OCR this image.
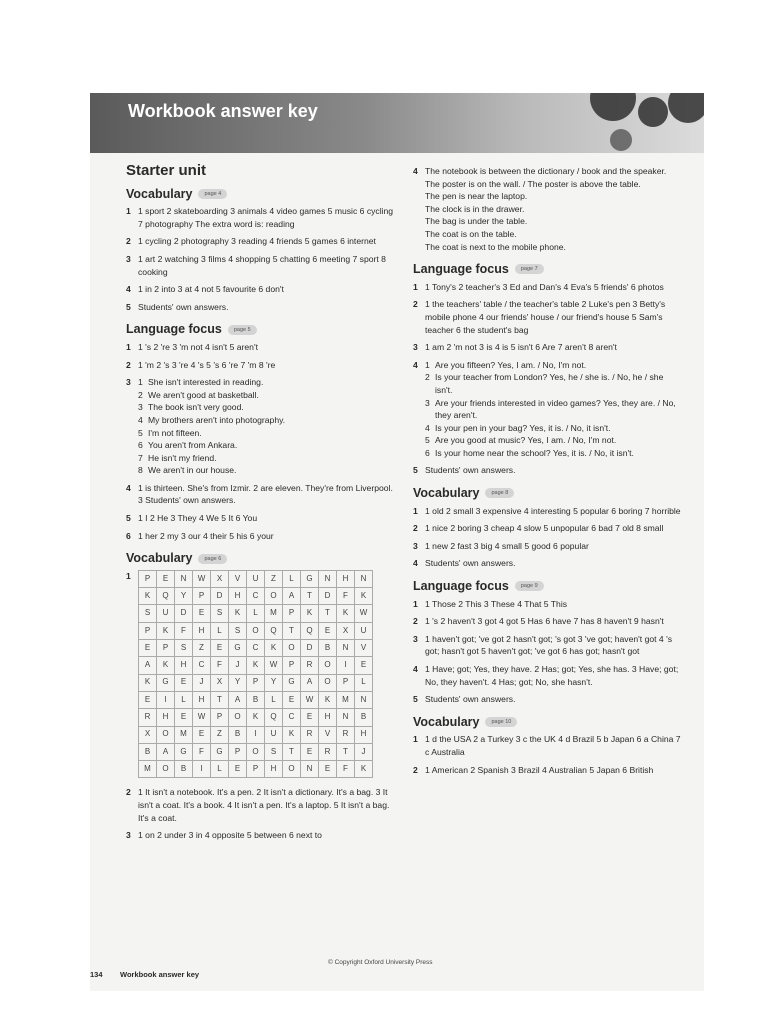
Workbook answer key
Starter unit
Vocabulary	page 4
1 1 sport 2 skateboarding 3 animals 4 video games 5 music 6 cycling 7 photography The extra word is: reading
2 1 cycling 2 photography 3 reading 4 friends 5 games 6 internet
3 1 art 2 watching 3 films 4 shopping 5 chatting 6 meeting 7 sport 8 cooking
4 1 in 2 into 3 at 4 not 5 favourite 6 don't
5 Students' own answers.
Language focus	page 5
1 1 's 2 're 3 'm not 4 isn't 5 aren't
2 1 'm 2 's 3 're 4 's 5 's 6 're 7 'm 8 're
3 1 She isn't interested in reading.
2 We aren't good at basketball.
3 The book isn't very good.
4 My brothers aren't into photography.
5 I'm not fifteen.
6 You aren't from Ankara.
7 He isn't my friend.
8 We aren't in our house.
4 1 is thirteen. She's from Izmir. 2 are eleven. They're from Liverpool. 3 Students' own answers.
5 1 I 2 He 3 They 4 We 5 It 6 You
6 1 her 2 my 3 our 4 their 5 his 6 your
Vocabulary	page 6
1	P	E	N	W	X	V	U	Z	L	G	N	H	N
K	Q	Y	P	D	H	C	O	A	T	D	F	K
S	U	D	E	S	K	L	M	P	K	T	K	W
P	K	F	H	L	S	O	Q	T	Q	E	X	U
E	P	S	Z	E	G	C	K	O	D	B	N	V
A	K	H	C	F	J	K	W	P	R	O	I	E
K	G	E	J	X	Y	P	Y	G	A	O	P	L
E	I	L	H	T	A	B	L	E	W	K	M	N
R	H	E	W	P	O	K	Q	C	E	H	N	B
X	O	M	E	Z	B	I	U	K	R	V	R	H
B	A	G	F	G	P	O	S	T	E	R	T	J
M	O	B	I	L	E	P	H	O	N	E	F	K
2 1 It isn't a notebook. It's a pen. 2 It isn't a dictionary. It's a bag. 3 It isn't a coat. It's a book. 4 It isn't a pen. It's a laptop. 5 It isn't a bag. It's a coat.
3 1 on 2 under 3 in 4 opposite 5 between 6 next to
4 The notebook is between the dictionary / book and the speaker.
The poster is on the wall. / The poster is above the table.
The pen is near the laptop.
The clock is in the drawer.
The bag is under the table.
The coat is on the table.
The coat is next to the mobile phone.
Language focus	page 7
1 1 Tony's 2 teacher's 3 Ed and Dan's 4 Eva's 5 friends' 6 photos
2 1 the teachers' table / the teacher's table 2 Luke's pen 3 Betty's mobile phone 4 our friends' house / our friend's house 5 Sam's teacher 6 the student's bag
3 1 am 2 'm not 3 is 4 is 5 isn't 6 Are 7 aren't 8 aren't
4 1 Are you fifteen? Yes, I am. / No, I'm not.
2 Is your teacher from London? Yes, he / she is. / No, he / she isn't.
3 Are your friends interested in video games? Yes, they are. / No, they aren't.
4 Is your pen in your bag? Yes, it is. / No, it isn't.
5 Are you good at music? Yes, I am. / No, I'm not.
6 Is your home near the school? Yes, it is. / No, it isn't.
5 Students' own answers.
Vocabulary	page 8
1 1 old 2 small 3 expensive 4 interesting 5 popular 6 boring 7 horrible
2 1 nice 2 boring 3 cheap 4 slow 5 unpopular 6 bad 7 old 8 small
3 1 new 2 fast 3 big 4 small 5 good 6 popular
4 Students' own answers.
Language focus	page 9
1 1 Those 2 This 3 These 4 That 5 This
2 1 's 2 haven't 3 got 4 got 5 Has 6 have 7 has 8 haven't 9 hasn't
3 1 haven't got; 've got 2 hasn't got; 's got 3 've got; haven't got 4 's got; hasn't got 5 haven't got; 've got 6 has got; hasn't got
4 1 Have; got; Yes, they have. 2 Has; got; Yes, she has. 3 Have; got; No, they haven't. 4 Has; got; No, she hasn't.
5 Students' own answers.
Vocabulary	page 10
1 1 d the USA 2 a Turkey 3 c the UK 4 d Brazil 5 b Japan 6 a China 7 c Australia
2 1 American 2 Spanish 3 Brazil 4 Australian 5 Japan 6 British
© Copyright Oxford University Press
134 Workbook answer key
